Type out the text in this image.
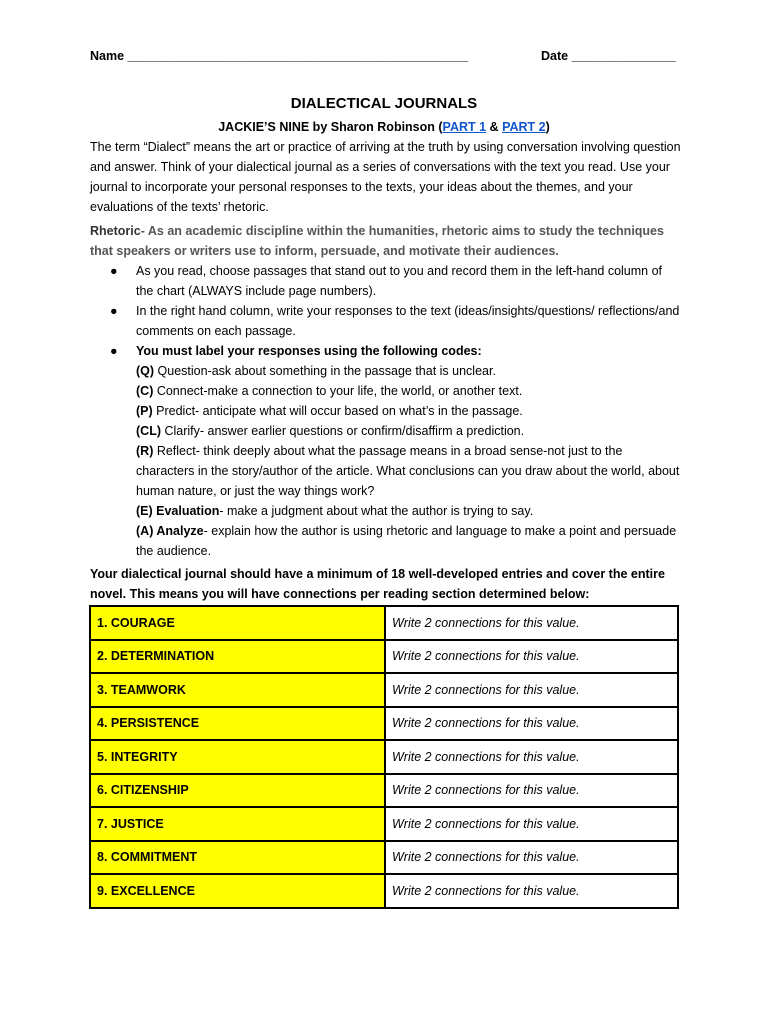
Name _________________________________________________	Date _______________
DIALECTICAL JOURNALS
JACKIE’S NINE by Sharon Robinson (PART 1 & PART 2)

The term “Dialect” means the art or practice of arriving at the truth by using conversation involving question and answer. Think of your dialectical journal as a series of conversations with the text you read. Use your journal to incorporate your personal responses to the texts, your ideas about the themes, and your evaluations of the texts’ rhetoric.

Rhetoric- As an academic discipline within the humanities, rhetoric aims to study the techniques that speakers or writers use to inform, persuade, and motivate their audiences.

● As you read, choose passages that stand out to you and record them in the left-hand column of the chart (ALWAYS include page numbers).
● In the right hand column, write your responses to the text (ideas/insights/questions/ reflections/and comments on each passage.
● You must label your responses using the following codes:
(Q) Question-ask about something in the passage that is unclear.
(C) Connect-make a connection to your life, the world, or another text.
(P) Predict- anticipate what will occur based on what’s in the passage.
(CL) Clarify- answer earlier questions or confirm/disaffirm a prediction.
(R) Reflect- think deeply about what the passage means in a broad sense-not just to the characters in the story/author of the article. What conclusions can you draw about the world, about human nature, or just the way things work?
(E) Evaluation- make a judgment about what the author is trying to say.
(A) Analyze- explain how the author is using rhetoric and language to make a point and persuade the audience.

Your dialectical journal should have a minimum of 18 well-developed entries and cover the entire novel. This means you will have connections per reading section determined below:

1. COURAGE	Write 2 connections for this value.
2. DETERMINATION	Write 2 connections for this value.
3. TEAMWORK	Write 2 connections for this value.
4. PERSISTENCE	Write 2 connections for this value.
5. INTEGRITY	Write 2 connections for this value.
6. CITIZENSHIP	Write 2 connections for this value.
7. JUSTICE	Write 2 connections for this value.
8. COMMITMENT	Write 2 connections for this value.
9. EXCELLENCE	Write 2 connections for this value.
